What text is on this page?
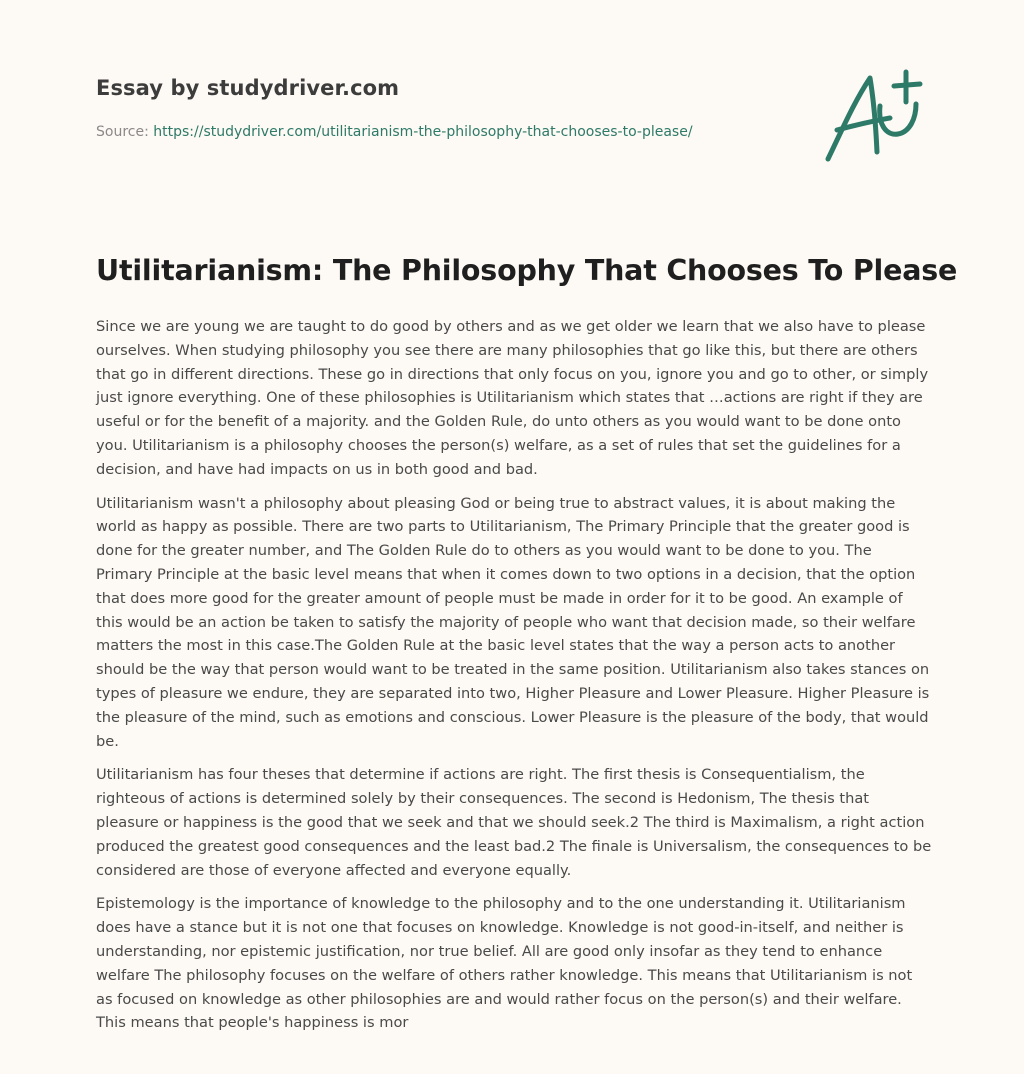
Essay by studydriver.com
Source: https://studydriver.com/utilitarianism-the-philosophy-that-chooses-to-please/
Utilitarianism: The Philosophy That Chooses To Please

Since we are young we are taught to do good by others and as we get older we learn that we also have to please ourselves. When studying philosophy you see there are many philosophies that go like this, but there are others that go in different directions. These go in directions that only focus on you, ignore you and go to other, or simply just ignore everything. One of these philosophies is Utilitarianism which states that …actions are right if they are useful or for the benefit of a majority. and the Golden Rule, do unto others as you would want to be done onto you. Utilitarianism is a philosophy chooses the person(s) welfare, as a set of rules that set the guidelines for a decision, and have had impacts on us in both good and bad.

Utilitarianism wasn't a philosophy about pleasing God or being true to abstract values, it is about making the world as happy as possible. There are two parts to Utilitarianism, The Primary Principle that the greater good is done for the greater number, and The Golden Rule do to others as you would want to be done to you. The Primary Principle at the basic level means that when it comes down to two options in a decision, that the option that does more good for the greater amount of people must be made in order for it to be good. An example of this would be an action be taken to satisfy the majority of people who want that decision made, so their welfare matters the most in this case.The Golden Rule at the basic level states that the way a person acts to another should be the way that person would want to be treated in the same position. Utilitarianism also takes stances on types of pleasure we endure, they are separated into two, Higher Pleasure and Lower Pleasure. Higher Pleasure is the pleasure of the mind, such as emotions and conscious. Lower Pleasure is the pleasure of the body, that would be.

Utilitarianism has four theses that determine if actions are right. The first thesis is Consequentialism, the righteous of actions is determined solely by their consequences. The second is Hedonism, The thesis that pleasure or happiness is the good that we seek and that we should seek.2 The third is Maximalism, a right action produced the greatest good consequences and the least bad.2 The finale is Universalism, the consequences to be considered are those of everyone affected and everyone equally.

Epistemology is the importance of knowledge to the philosophy and to the one understanding it. Utilitarianism does have a stance but it is not one that focuses on knowledge. Knowledge is not good-in-itself, and neither is understanding, nor epistemic justification, nor true belief. All are good only insofar as they tend to enhance welfare The philosophy focuses on the welfare of others rather knowledge. This means that Utilitarianism is not as focused on knowledge as other philosophies are and would rather focus on the person(s) and their welfare. This means that people's happiness is mor
